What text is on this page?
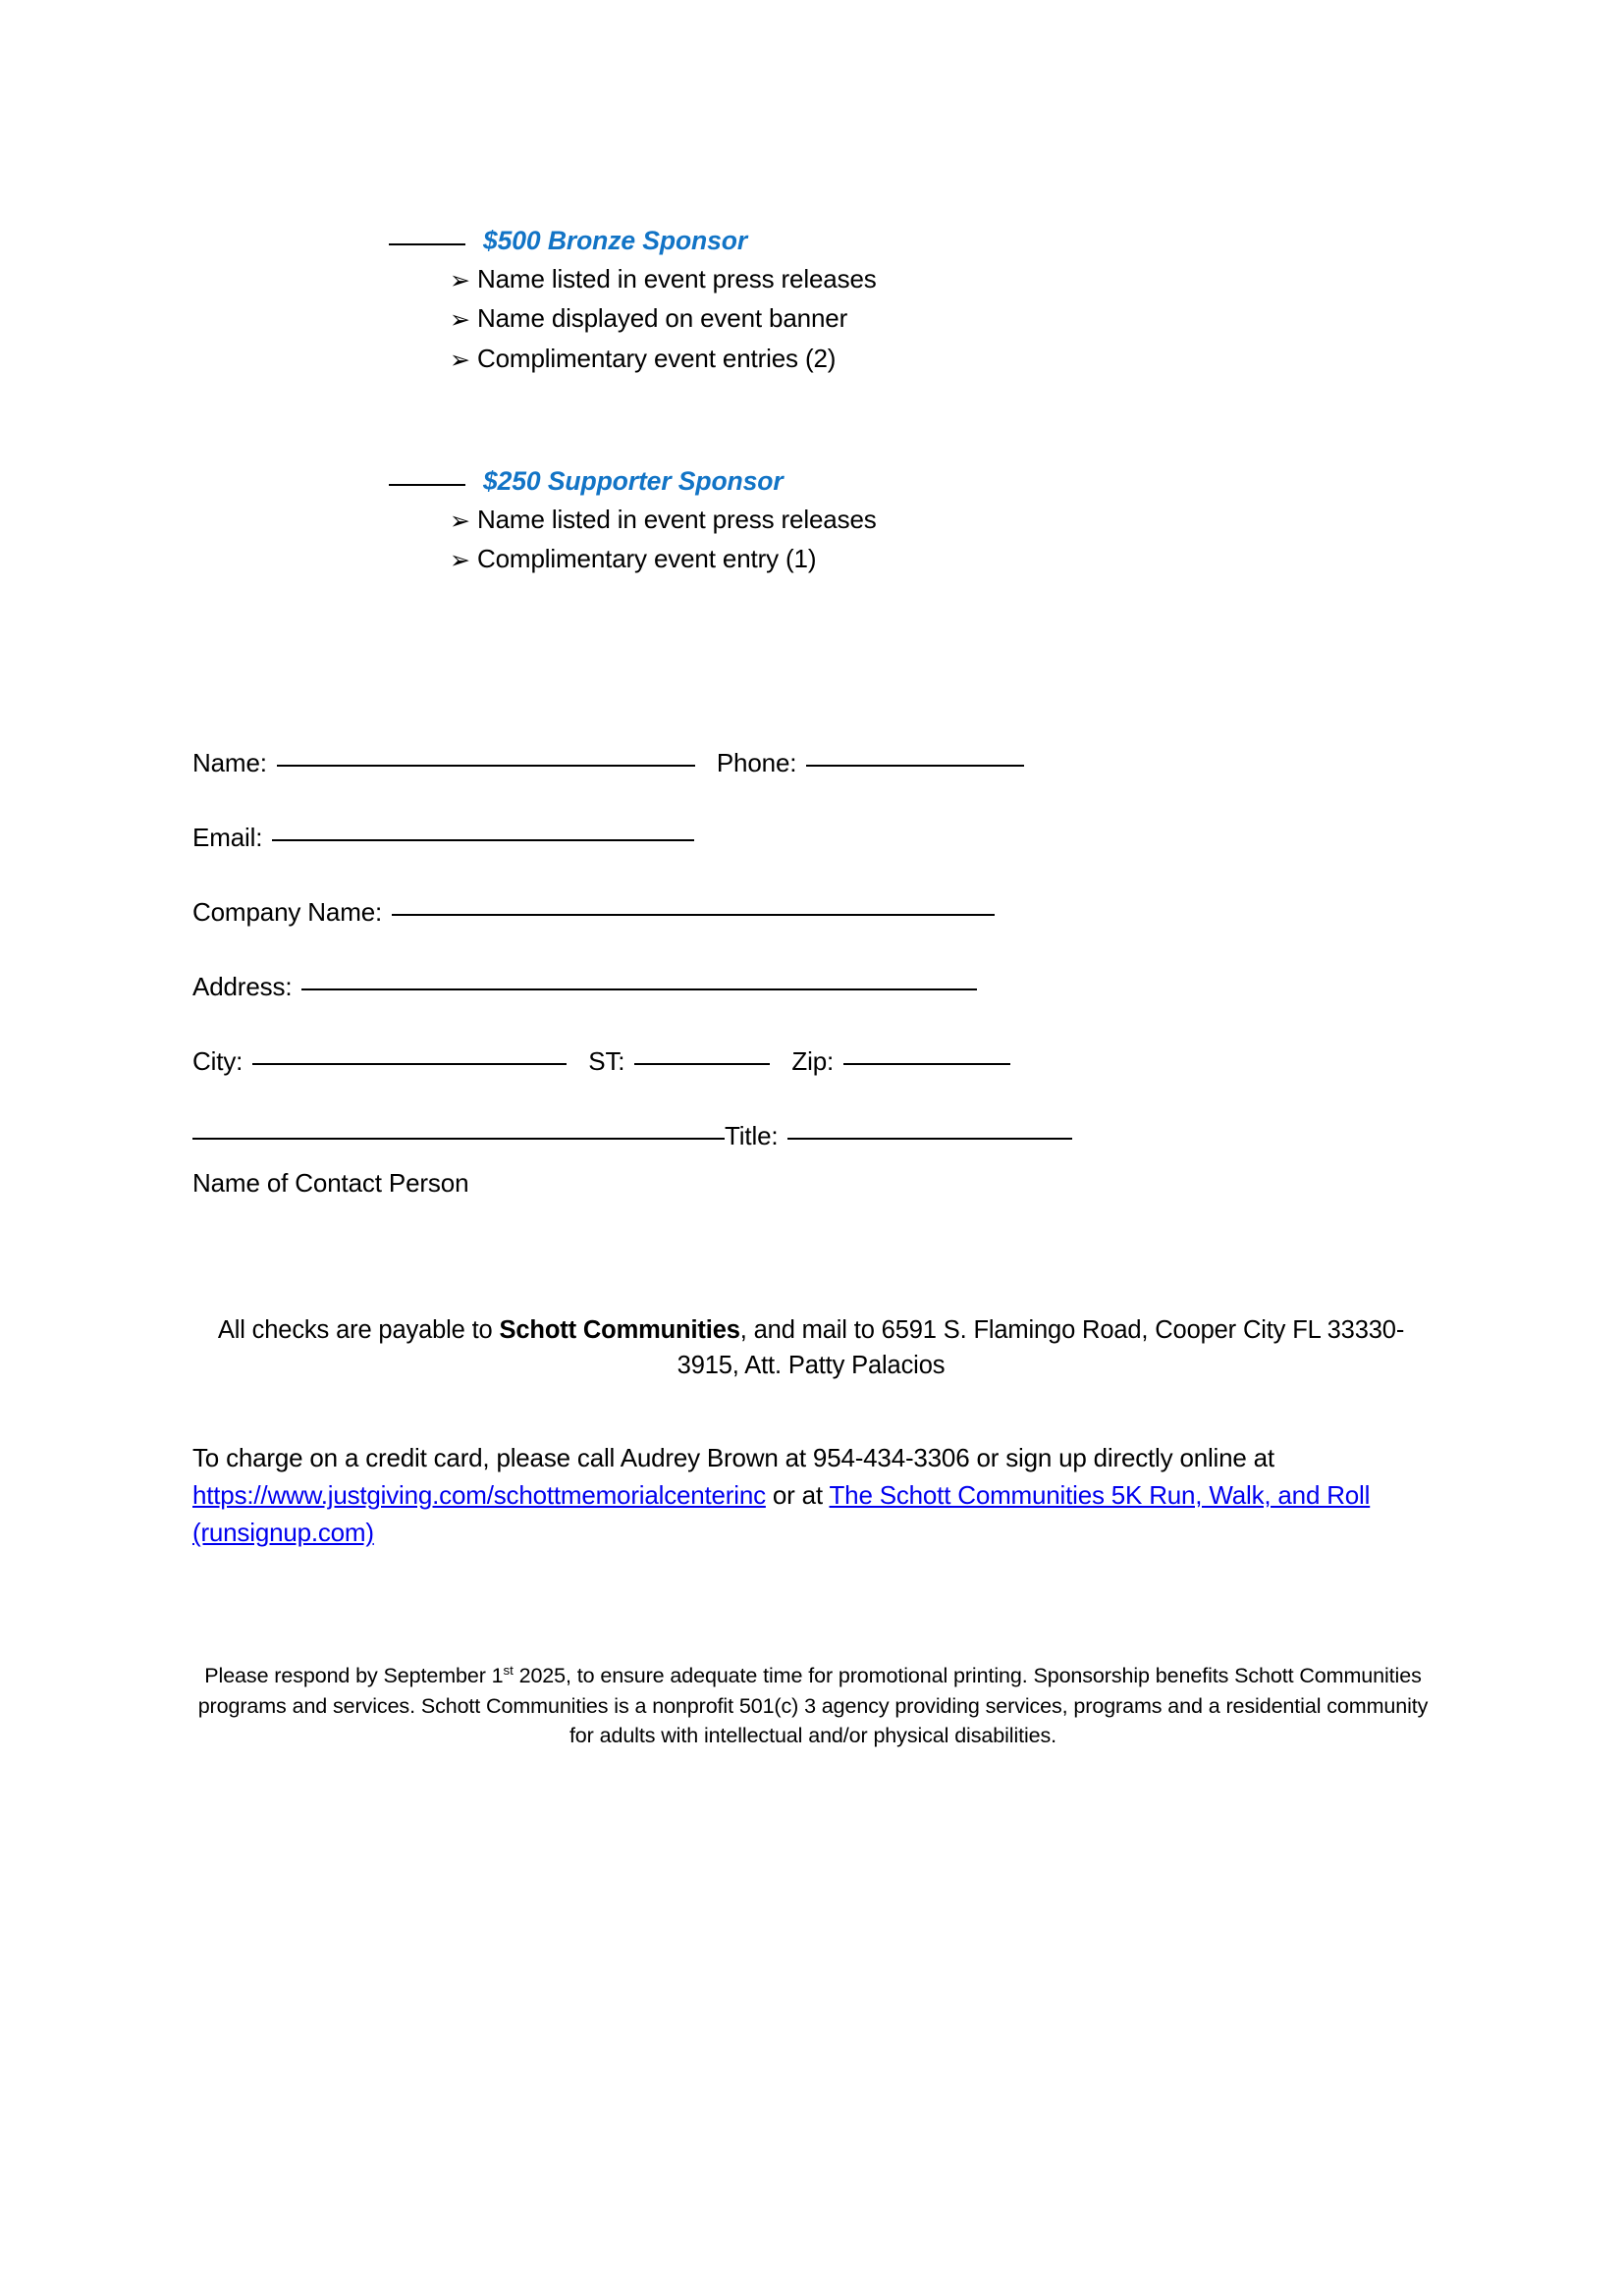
$500 Bronze Sponsor
➢ Name listed in event press releases
➢ Name displayed on event banner
➢ Complimentary event entries (2)
$250 Supporter Sponsor
➢ Name listed in event press releases
➢ Complimentary event entry (1)
Name:	Phone:
Email:
Company Name:
Address:
City:	ST:	Zip:
Title:
Name of Contact Person
All checks are payable to Schott Communities, and mail to 6591 S. Flamingo Road, Cooper City FL 33330-3915, Att. Patty Palacios
To charge on a credit card, please call Audrey Brown at 954-434-3306 or sign up directly online at https://www.justgiving.com/schottmemorialcenterinc or at The Schott Communities 5K Run, Walk, and Roll (runsignup.com)
Please respond by September 1st 2025, to ensure adequate time for promotional printing. Sponsorship benefits Schott Communities programs and services. Schott Communities is a nonprofit 501(c) 3 agency providing services, programs and a residential community for adults with intellectual and/or physical disabilities.
